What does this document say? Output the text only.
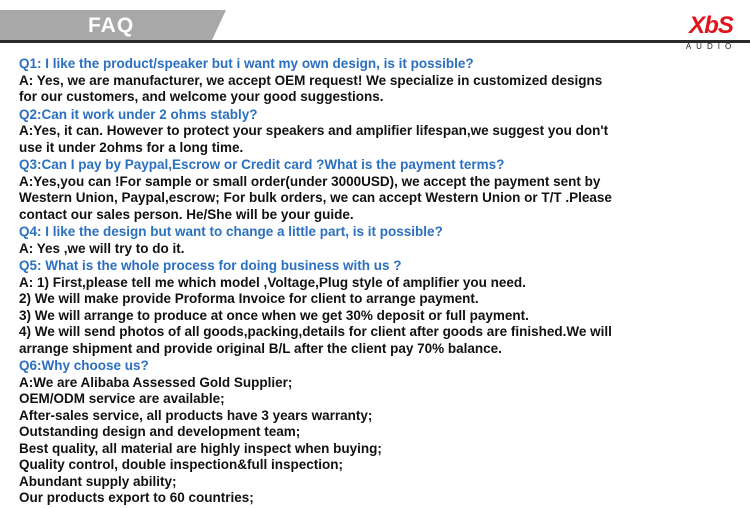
FAQ	XbS
AUDIO
Q1: I like the product/speaker but i want my own design, is it possible?
A: Yes, we are manufacturer, we accept OEM request! We specialize in customized designs
for our customers, and welcome your good suggestions.
Q2:Can it work under 2 ohms stably?
A:Yes, it can. However to protect your speakers and amplifier lifespan,we suggest you don't
use it under 2ohms for a long time.
Q3:Can I pay by Paypal,Escrow or Credit card ?What is the payment terms?
A:Yes,you can !For sample or small order(under 3000USD), we accept the payment sent by
Western Union, Paypal,escrow; For bulk orders, we can accept Western Union or T/T .Please
contact our sales person. He/She will be your guide.
Q4: I like the design but want to change a little part, is it possible?
A: Yes ,we will try to do it.
Q5: What is the whole process for doing business with us ?
A: 1) First,please tell me which model ,Voltage,Plug style of amplifier you need.
2) We will make provide Proforma Invoice for client to arrange payment.
3) We will arrange to produce at once when we get 30% deposit or full payment.
4) We will send photos of all goods,packing,details for client after goods are finished.We will
arrange shipment and provide original B/L after the client pay 70% balance.
Q6:Why choose us?
A:We are Alibaba Assessed Gold Supplier;
OEM/ODM service are available;
After-sales service, all products have 3 years warranty;
Outstanding design and development team;
Best quality, all material are highly inspect when buying;
Quality control, double inspection&full inspection;
Abundant supply ability;
Our products export to 60 countries;
